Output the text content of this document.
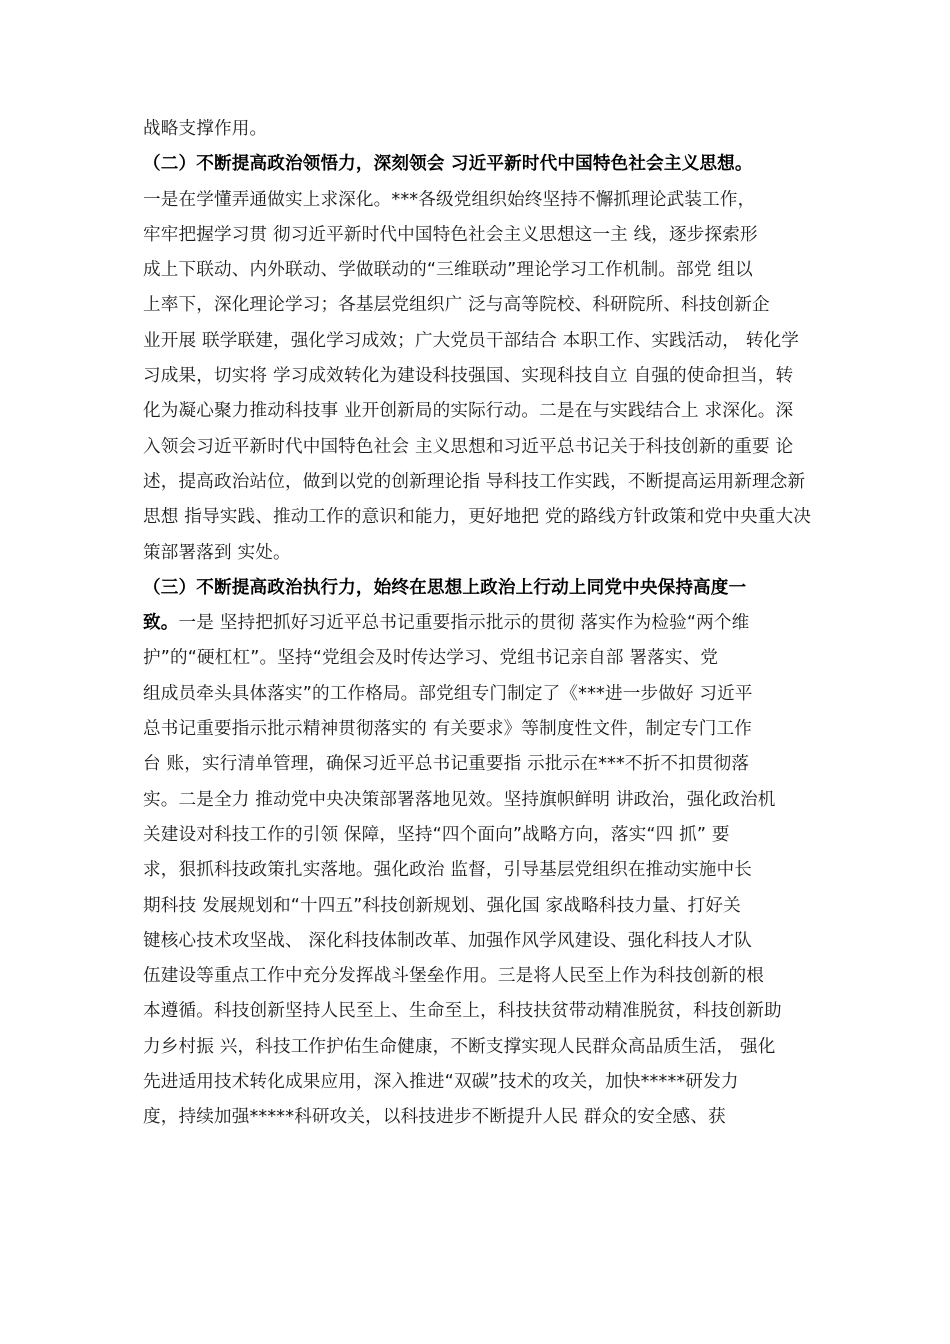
战略支撑作用。
（二）不断提高政治领悟力，深刻领会 习近平新时代中国特色社会主义思想。
一是在学懂弄通做实上求深化。***各级党组织始终坚持不懈抓理论武装工作，
牢牢把握学习贯 彻习近平新时代中国特色社会主义思想这一主 线，逐步探索形
成上下联动、内外联动、学做联动的“三维联动”理论学习工作机制。部党 组以
上率下，深化理论学习；各基层党组织广 泛与高等院校、科研院所、科技创新企
业开展 联学联建，强化学习成效；广大党员干部结合 本职工作、实践活动， 转化学
习成果，切实将 学习成效转化为建设科技强国、实现科技自立 自强的使命担当，转
化为凝心聚力推动科技事 业开创新局的实际行动。二是在与实践结合上 求深化。深
入领会习近平新时代中国特色社会 主义思想和习近平总书记关于科技创新的重要 论
述，提高政治站位，做到以党的创新理论指 导科技工作实践，不断提高运用新理念新
思想 指导实践、推动工作的意识和能力，更好地把 党的路线方针政策和党中央重大决
策部署落到 实处。
（三）不断提高政治执行力，始终在思想上政治上行动上同党中央保持高度一
致。一是 坚持把抓好习近平总书记重要指示批示的贯彻 落实作为检验“两个维
护”的“硬杠杠”。坚持“党组会及时传达学习、党组书记亲自部 署落实、党
组成员牵头具体落实”的工作格局。部党组专门制定了《***进一步做好 习近平
总书记重要指示批示精神贯彻落实的 有关要求》等制度性文件，制定专门工作
台 账，实行清单管理，确保习近平总书记重要指 示批示在***不折不扣贯彻落
实。二是全力 推动党中央决策部署落地见效。坚持旗帜鲜明 讲政治，强化政治机
关建设对科技工作的引领 保障，坚持“四个面向”战略方向，落实“四 抓” 要
求，狠抓科技政策扎实落地。强化政治 监督，引导基层党组织在推动实施中长
期科技 发展规划和“十四五”科技创新规划、强化国 家战略科技力量、打好关
键核心技术攻坚战、 深化科技体制改革、加强作风学风建设、强化科技人才队
伍建设等重点工作中充分发挥战斗堡垒作用。三是将人民至上作为科技创新的根
本遵循。科技创新坚持人民至上、生命至上，科技扶贫带动精准脱贫，科技创新助
力乡村振 兴，科技工作护佑生命健康，不断支撑实现人民群众高品质生活， 强化
先进适用技术转化成果应用，深入推进“双碳”技术的攻关，加快*****研发力
度，持续加强*****科研攻关，以科技进步不断提升人民 群众的安全感、获
